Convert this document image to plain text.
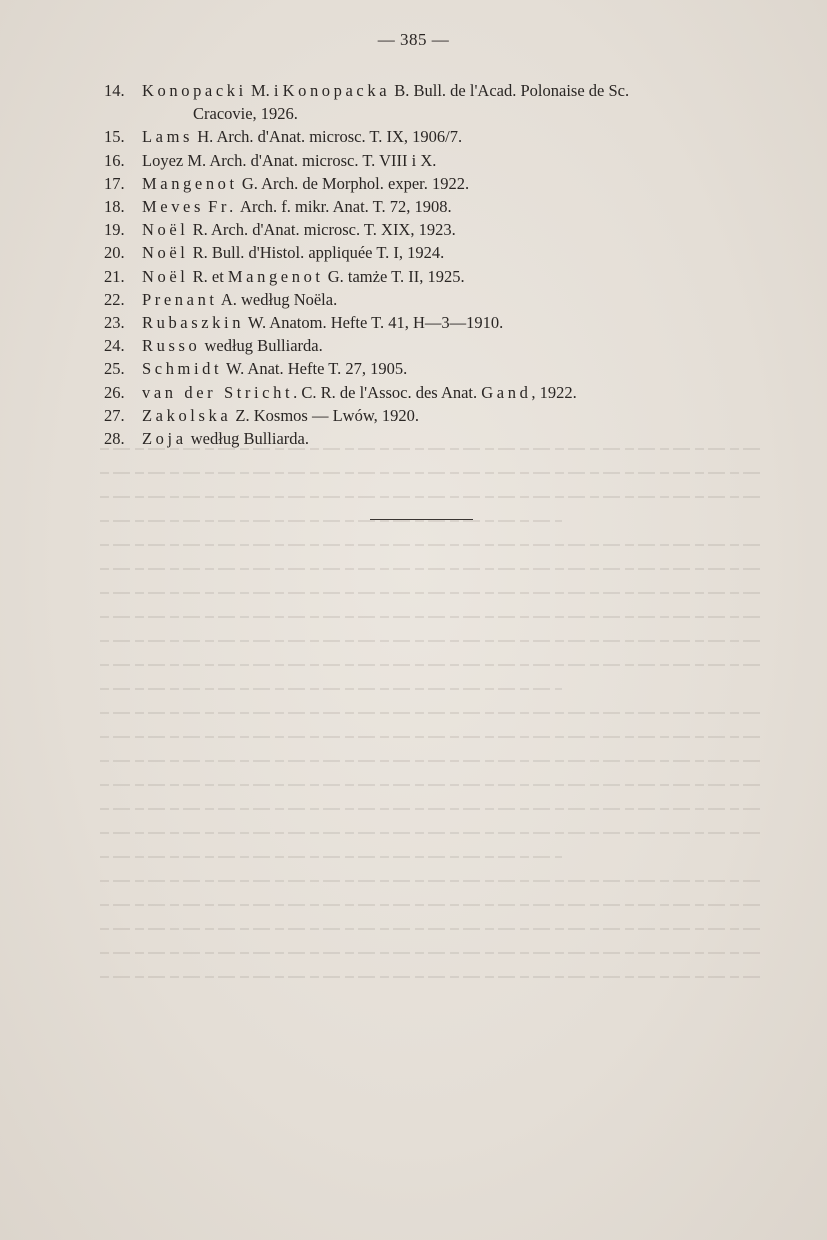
— 385 —
14.	Konopacki M. i Konopacka B. Bull. de l'Acad. Polonaise de Sc.
Cracovie, 1926.
15.	Lams H. Arch. d'Anat. microsc. T. IX, 1906/7.
16.	Loyez M. Arch. d'Anat. microsc. T. VIII i X.
17.	Mangenot G. Arch. de Morphol. exper. 1922.
18.	Meves Fr. Arch. f. mikr. Anat. T. 72, 1908.
19.	Noël R. Arch. d'Anat. microsc. T. XIX, 1923.
20.	Noël R. Bull. d'Histol. appliquée T. I, 1924.
21.	Noël R. et Mangenot G. tamże T. II, 1925.
22.	Prenant A. według Noëla.
23.	Rubaszkin W. Anatom. Hefte T. 41, H—3—1910.
24.	Russo według Bulliarda.
25.	Schmidt W. Anat. Hefte T. 27, 1905.
26.	van der Stricht. C. R. de l'Assoc. des Anat. Gand, 1922.
27.	Zakolska Z. Kosmos — Lwów, 1920.
28.	Zoja według Bulliarda.
